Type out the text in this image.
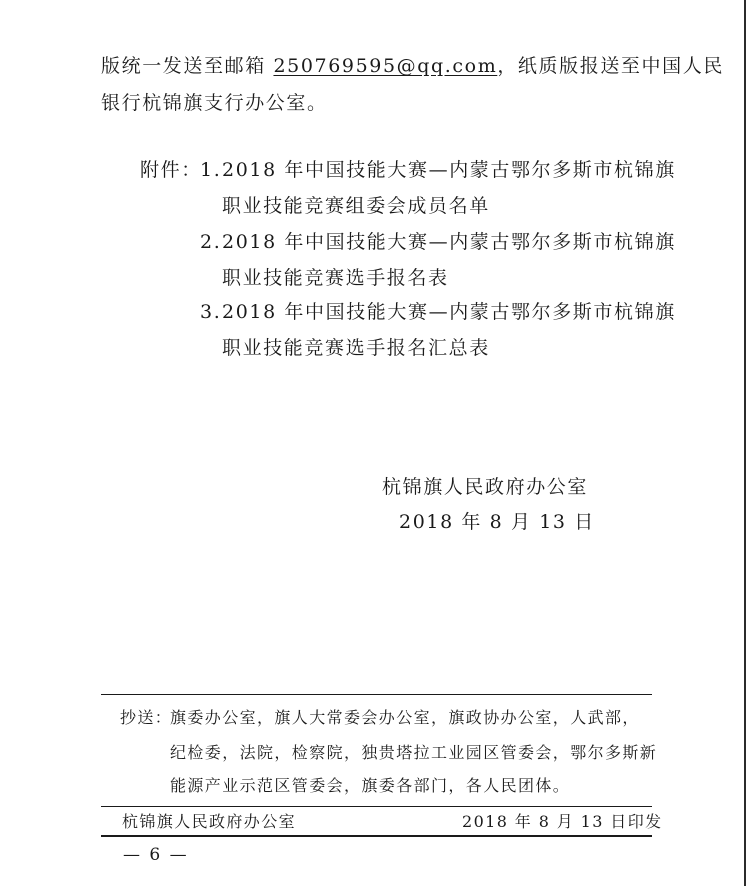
版统一发送至邮箱 250769595@qq.com，纸质版报送至中国人民
银行杭锦旗支行办公室。
附件：
1. 2018 年中国技能大赛—内蒙古鄂尔多斯市杭锦旗
职业技能竞赛组委会成员名单
2. 2018 年中国技能大赛—内蒙古鄂尔多斯市杭锦旗
职业技能竞赛选手报名表
3. 2018 年中国技能大赛—内蒙古鄂尔多斯市杭锦旗
职业技能竞赛选手报名汇总表
杭锦旗人民政府办公室
2018 年 8 月 13 日
抄送：
旗委办公室，旗人大常委会办公室，旗政协办公室，人武部，
纪检委，法院，检察院，独贵塔拉工业园区管委会，鄂尔多斯新
能源产业示范区管委会，旗委各部门，各人民团体。
杭锦旗人民政府办公室	2018 年 8 月 13 日印发
— 6 —
